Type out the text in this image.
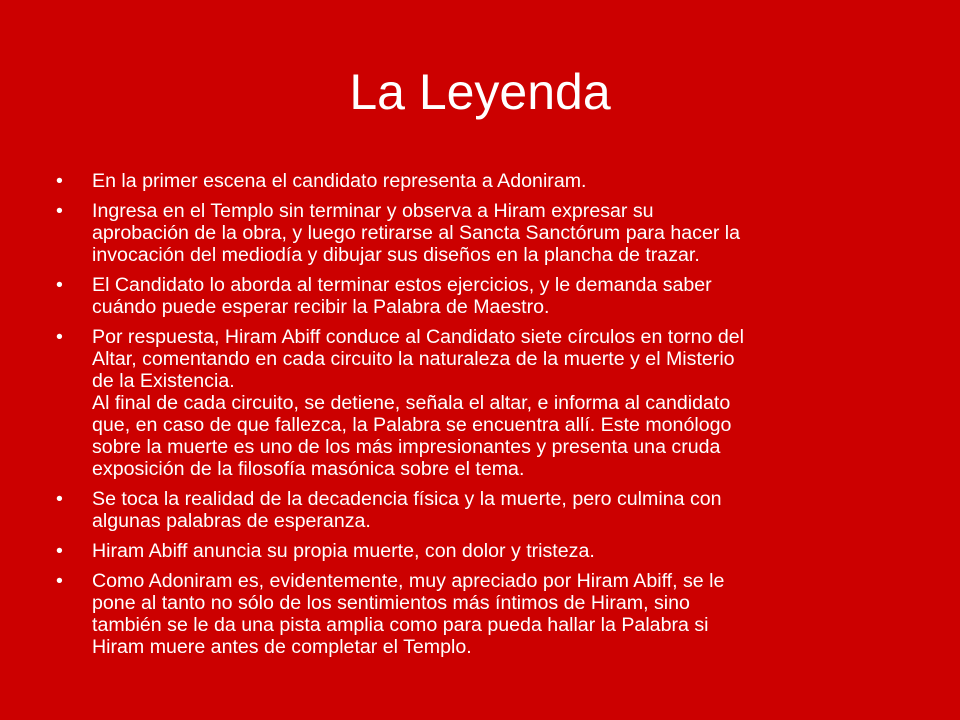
La Leyenda
•	En la primer escena el candidato representa a Adoniram.
•	Ingresa en el Templo sin terminar y observa a Hiram expresar su
aprobación de la obra, y luego retirarse al Sancta Sanctórum para hacer la
invocación del mediodía y dibujar sus diseños en la plancha de trazar.
•	El Candidato lo aborda al terminar estos ejercicios, y le demanda saber
cuándo puede esperar recibir la Palabra de Maestro.
•	Por respuesta, Hiram Abiff conduce al Candidato siete círculos en torno del
Altar, comentando en cada circuito la naturaleza de la muerte y el Misterio
de la Existencia.
Al final de cada circuito, se detiene, señala el altar, e informa al candidato
que, en caso de que fallezca, la Palabra se encuentra allí. Este monólogo
sobre la muerte es uno de los más impresionantes y presenta una cruda
exposición de la filosofía masónica sobre el tema.
•	Se toca la realidad de la decadencia física y la muerte, pero culmina con
algunas palabras de esperanza.
•	Hiram Abiff anuncia su propia muerte, con dolor y tristeza.
•	Como Adoniram es, evidentemente, muy apreciado por Hiram Abiff, se le
pone al tanto no sólo de los sentimientos más íntimos de Hiram, sino
también se le da una pista amplia como para pueda hallar la Palabra si
Hiram muere antes de completar el Templo.
